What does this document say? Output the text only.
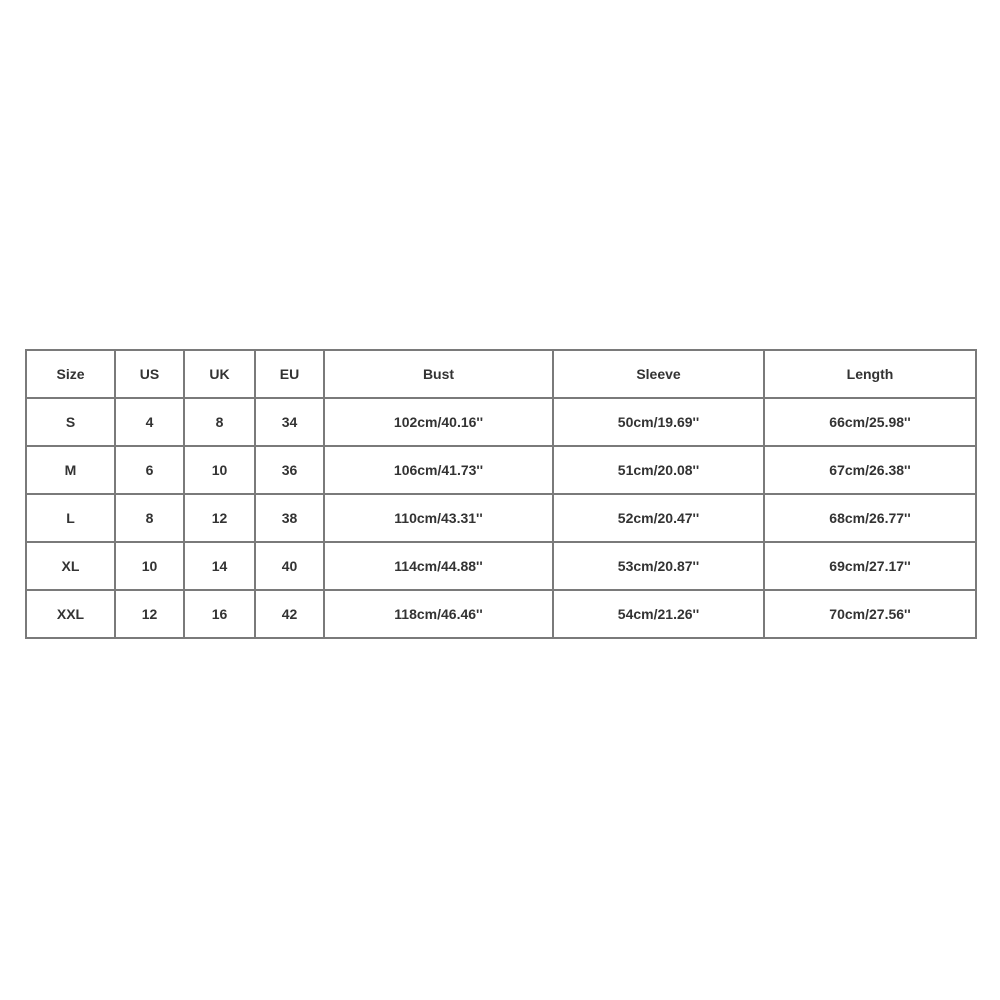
Size	US	UK	EU	Bust	Sleeve	Length
S	4	8	34	102cm/40.16''	50cm/19.69''	66cm/25.98''
M	6	10	36	106cm/41.73''	51cm/20.08''	67cm/26.38''
L	8	12	38	110cm/43.31''	52cm/20.47''	68cm/26.77''
XL	10	14	40	114cm/44.88''	53cm/20.87''	69cm/27.17''
XXL	12	16	42	118cm/46.46''	54cm/21.26''	70cm/27.56''
